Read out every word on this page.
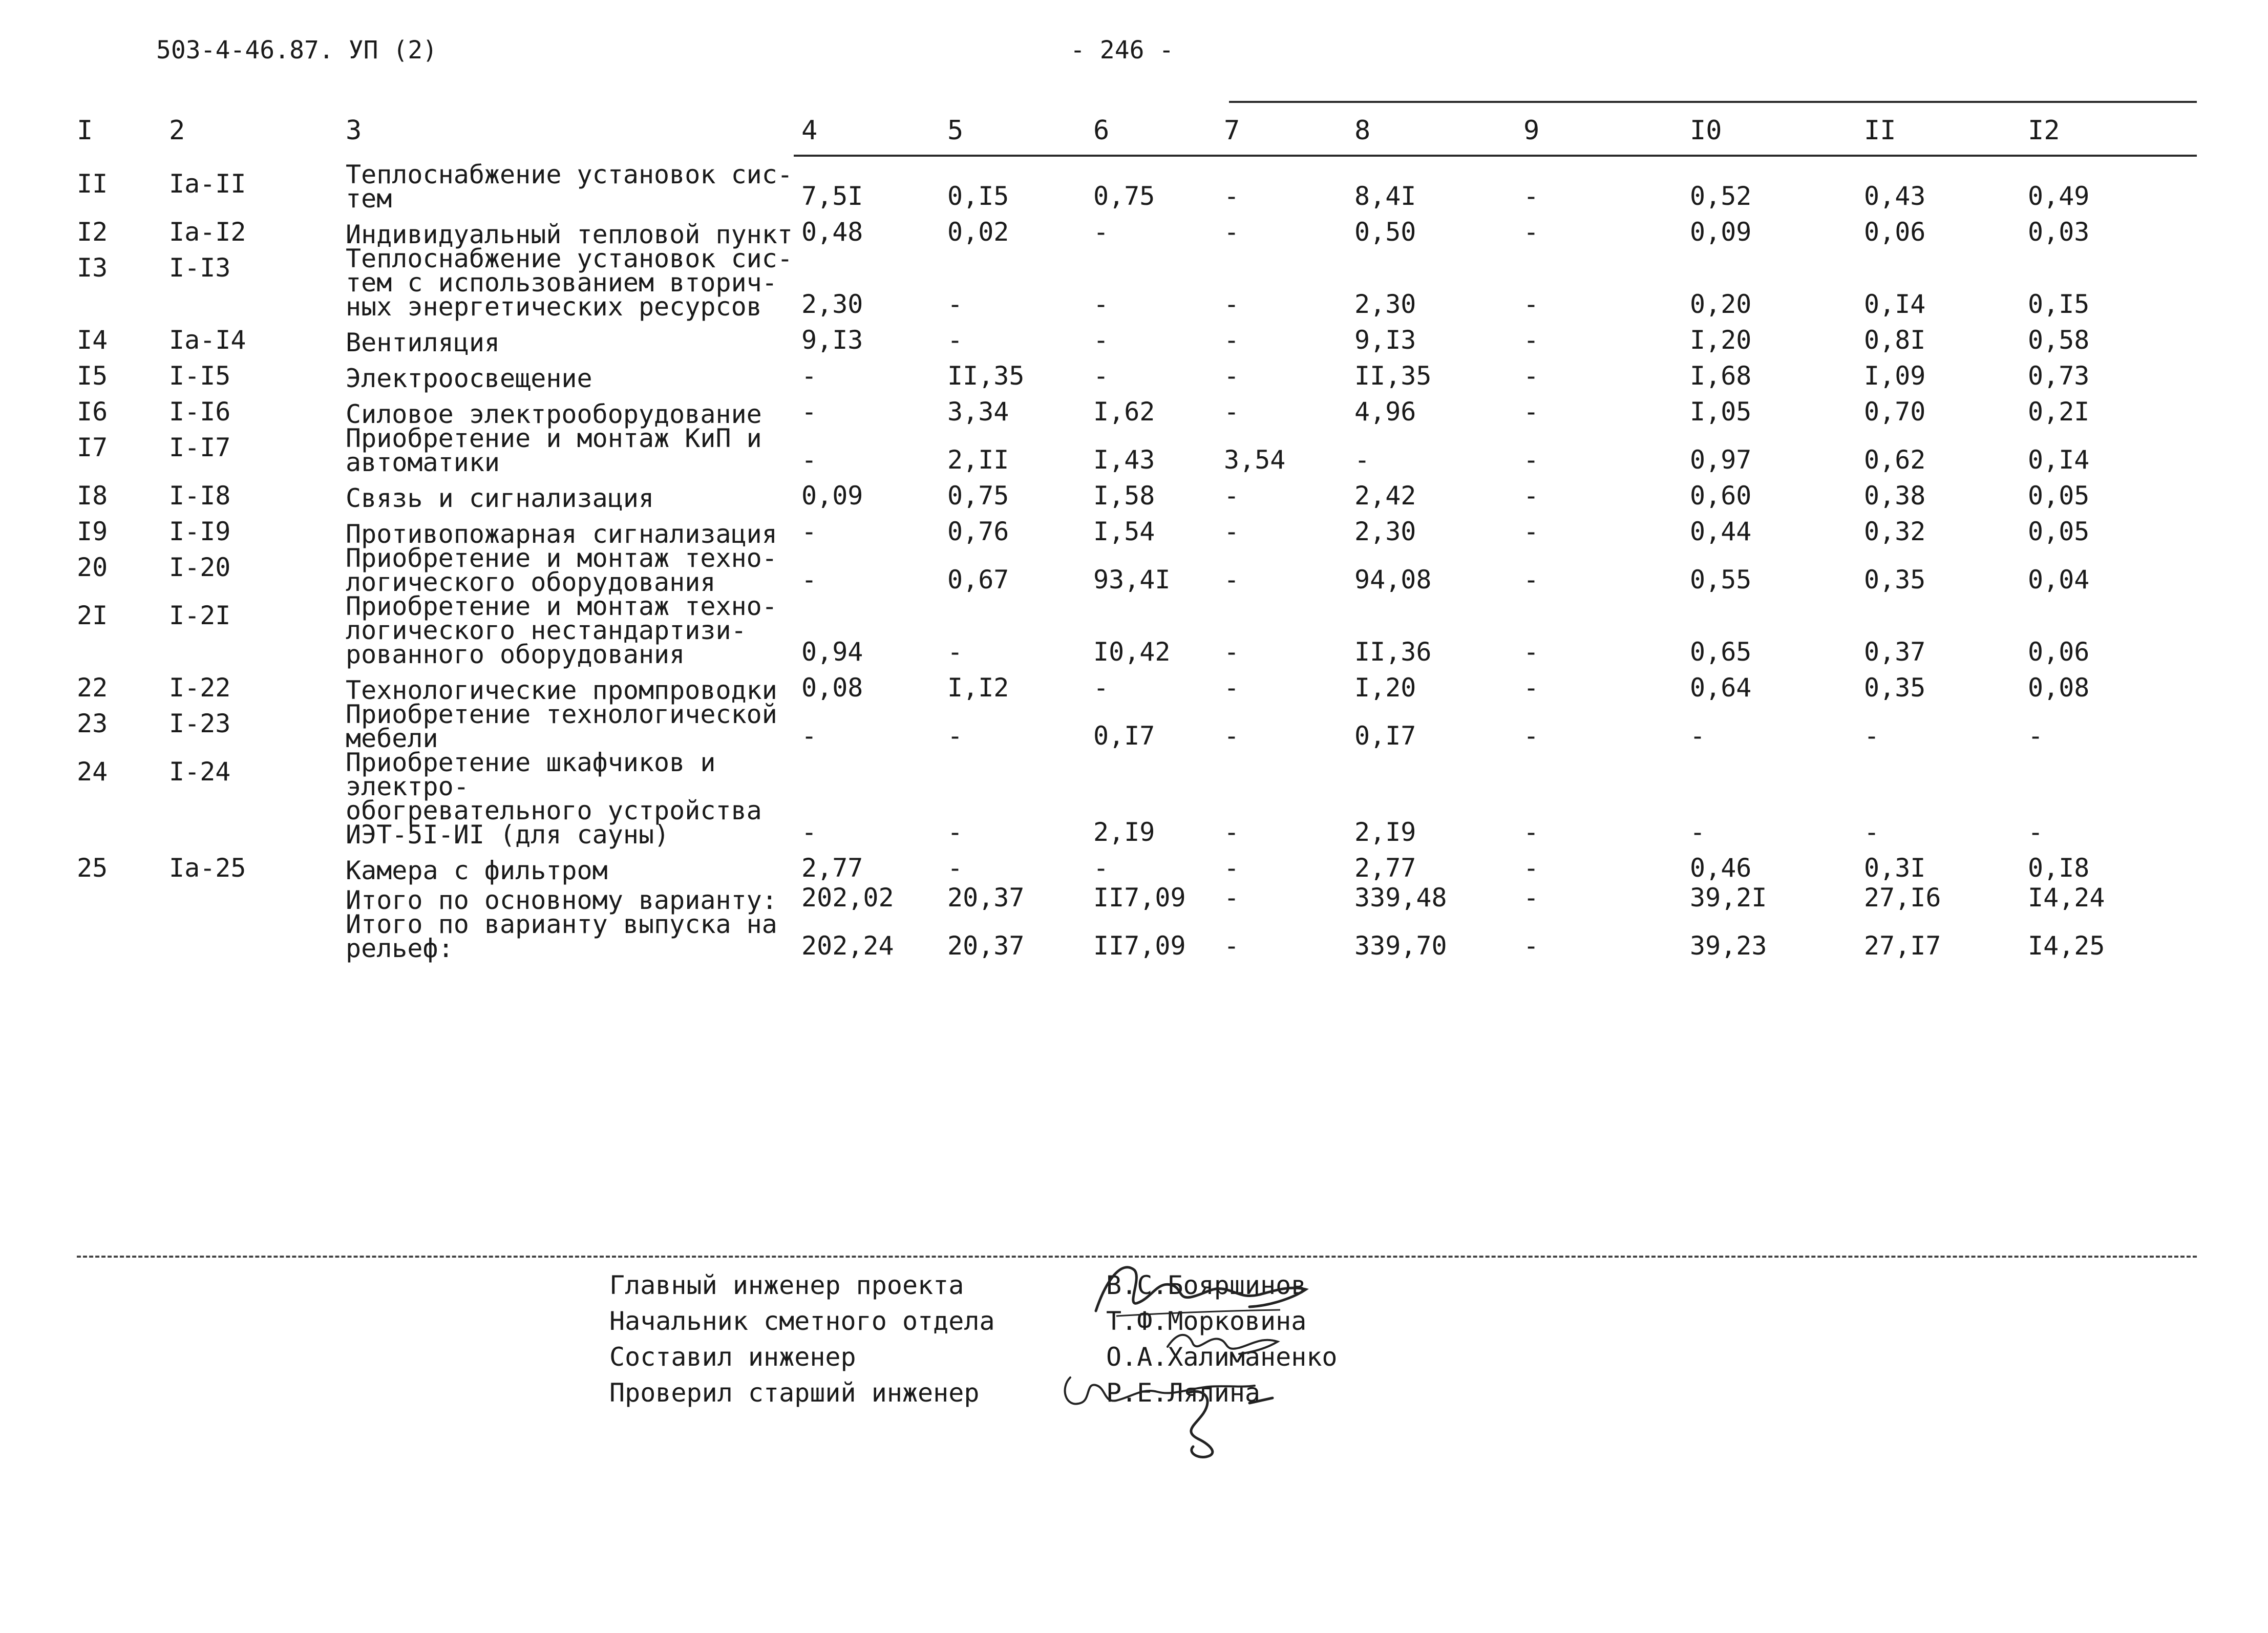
503-4-46.87. УП (2)	- 246 -
I	2	3	4	5	6	7	8	9	I0	II	I2

II	Ia-II	Теплоснабжение установок сис-
тем	7,5I	0,I5	0,75	-	8,4I	-	0,52	0,43	0,49
I2	Ia-I2	Индивидуальный тепловой пункт	0,48	0,02	-	-	0,50	-	0,09	0,06	0,03
I3	I-I3	Теплоснабжение установок сис-
тем с использованием вторич-
ных энергетических ресурсов	2,30	-	-	-	2,30	-	0,20	0,I4	0,I5
I4	Ia-I4	Вентиляция	9,I3	-	-	-	9,I3	-	I,20	0,8I	0,58
I5	I-I5	Электроосвещение	-	II,35	-	-	II,35	-	I,68	I,09	0,73
I6	I-I6	Силовое электрооборудование	-	3,34	I,62	-	4,96	-	I,05	0,70	0,2I
I7	I-I7	Приобретение и монтаж КиП и
автоматики	-	2,II	I,43	3,54	-	-	0,97	0,62	0,I4
I8	I-I8	Связь и сигнализация	0,09	0,75	I,58	-	2,42	-	0,60	0,38	0,05
I9	I-I9	Противопожарная сигнализация	-	0,76	I,54	-	2,30	-	0,44	0,32	0,05
20	I-20	Приобретение и монтаж техно-
логического оборудования	-	0,67	93,4I	-	94,08	-	0,55	0,35	0,04
2I	I-2I	Приобретение и монтаж техно-
логического нестандартизи-
рованного оборудования	0,94	-	I0,42	-	II,36	-	0,65	0,37	0,06
22	I-22	Технологические промпроводки	0,08	I,I2	-	-	I,20	-	0,64	0,35	0,08
23	I-23	Приобретение технологической
мебели	-	-	0,I7	-	0,I7	-	-	-	-
24	I-24	Приобретение шкафчиков и электро-
обогревательного устройства
ИЭТ-5I-ИI (для сауны)	-	-	2,I9	-	2,I9	-	-	-	-
25	Ia-25	Камера с фильтром	2,77	-	-	-	2,77	-	0,46	0,3I	0,I8
		Итого по основному варианту:	202,02	20,37	II7,09	-	339,48	-	39,2I	27,I6	I4,24
		Итого по варианту выпуска на
рельеф:	202,24	20,37	II7,09	-	339,70	-	39,23	27,I7	I4,25
Главный инженер проекта	В.С.Бояршинов
Начальник сметного отдела	Т.Ф.Морковина
Составил инженер	О.А.Халиманенко
Проверил старший инженер	Р.Е.Лялина
